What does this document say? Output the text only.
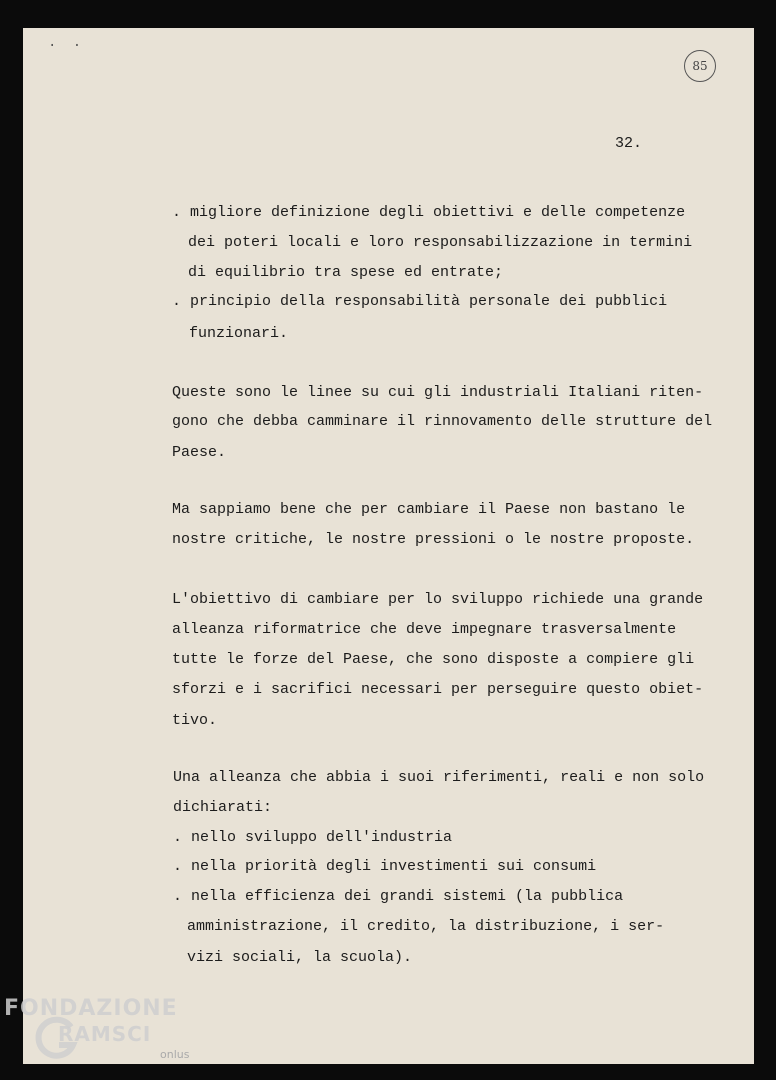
· ·
85
32.
. migliore definizione degli obiettivi e delle competenze
dei poteri locali e loro responsabilizzazione in termini
di equilibrio tra spese ed entrate;
. principio della responsabilità personale dei pubblici
funzionari.
Queste sono le linee su cui gli industriali Italiani riten-
gono che debba camminare il rinnovamento delle strutture del
Paese.
Ma sappiamo bene che per cambiare il Paese non bastano le
nostre critiche, le nostre pressioni o le nostre proposte.
L'obiettivo di cambiare per lo sviluppo richiede una grande
alleanza riformatrice che deve impegnare trasversalmente
tutte le forze del Paese, che sono disposte a compiere gli
sforzi e i sacrifici necessari per perseguire questo obiet-
tivo.
Una alleanza che abbia i suoi riferimenti, reali e non solo
dichiarati:
. nello sviluppo dell'industria
. nella priorità degli investimenti sui consumi
. nella efficienza dei grandi sistemi (la pubblica
amministrazione, il credito, la distribuzione, i ser-
vizi sociali, la scuola).
FONDAZIONE
RAMSCI
onlus
